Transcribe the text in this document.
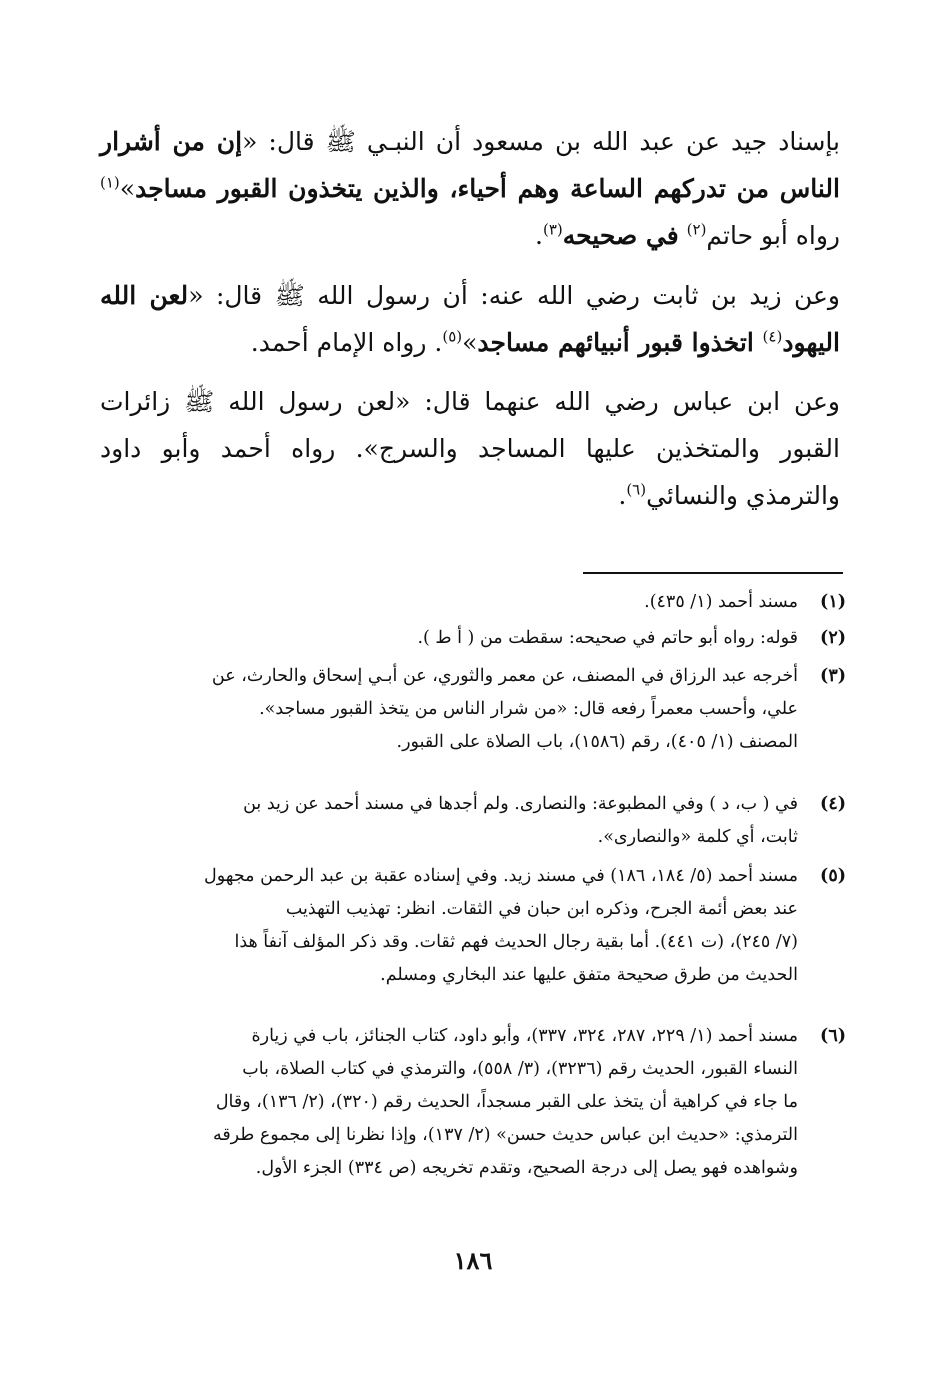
بإسناد جيد عن عبد الله بن مسعود أن النبـي ﷺ قال: «إن من أشرار الناس من تدركهم الساعة وهم أحياء، والذين يتخذون القبور مساجد»$^{(١)}$ رواه أبو حاتم$^{(٢)}$ في صحيحه$^{(٣)}$.

وعن زيد بن ثابت رضي الله عنه: أن رسول الله ﷺ قال: «لعن الله اليهود$^{(٤)}$ اتخذوا قبور أنبيائهم مساجد»$^{(٥)}$. رواه الإمام أحمد.

وعن ابن عباس رضي الله عنهما قال: «لعن رسول الله ﷺ زائرات القبور والمتخذين عليها المساجد والسرج». رواه أحمد وأبو داود والترمذي والنسائي$^{(٦)}$.

(١)
مسند أحمد (١/ ٤٣٥).
(٢)
قوله: رواه أبو حاتم في صحيحه: سقطت من ( أ ط ).
(٣)
أخرجه عبد الرزاق في المصنف، عن معمر والثوري، عن أبـي إسحاق والحارث، عن
علي، وأحسب معمراً رفعه قال: «من شرار الناس من يتخذ القبور مساجد».
المصنف (١/ ٤٠٥)، رقم (١٥٨٦)، باب الصلاة على القبور.
(٤)
في ( ب، د ) وفي المطبوعة: والنصارى. ولم أجدها في مسند أحمد عن زيد بن
ثابت، أي كلمة «والنصارى».
(٥)
مسند أحمد (٥/ ١٨٤، ١٨٦) في مسند زيد. وفي إسناده عقبة بن عبد الرحمن مجهول
عند بعض أئمة الجرح، وذكره ابن حبان في الثقات. انظر: تهذيب التهذيب
(٧/ ٢٤٥)، (ت ٤٤١). أما بقية رجال الحديث فهم ثقات. وقد ذكر المؤلف آنفاً هذا
الحديث من طرق صحيحة متفق عليها عند البخاري ومسلم.
(٦)
مسند أحمد (١/ ٢٢٩، ٢٨٧، ٣٢٤، ٣٣٧)، وأبو داود، كتاب الجنائز، باب في زيارة
النساء القبور، الحديث رقم (٣٢٣٦)، (٣/ ٥٥٨)، والترمذي في كتاب الصلاة، باب
ما جاء في كراهية أن يتخذ على القبر مسجداً، الحديث رقم (٣٢٠)، (٢/ ١٣٦)، وقال
الترمذي: «حديث ابن عباس حديث حسن» (٢/ ١٣٧)، وإذا نظرنا إلى مجموع طرقه
وشواهده فهو يصل إلى درجة الصحيح، وتقدم تخريجه (ص ٣٣٤) الجزء الأول.
١٨٦
